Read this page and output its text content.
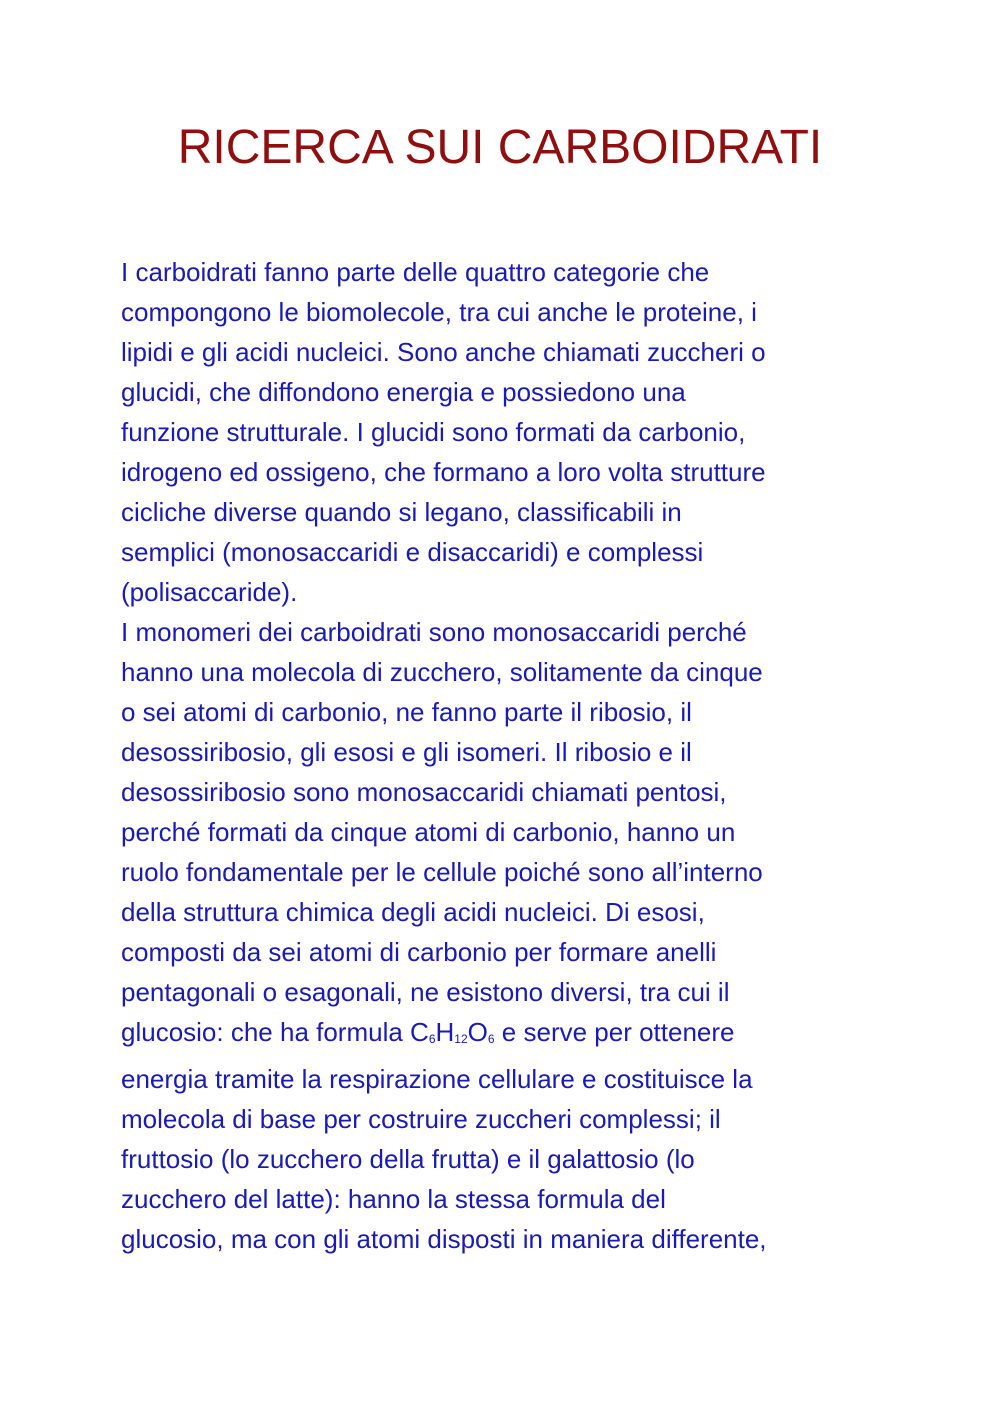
RICERCA SUI CARBOIDRATI
I carboidrati fanno parte delle quattro categorie che
compongono le biomolecole, tra cui anche le proteine, i
lipidi e gli acidi nucleici. Sono anche chiamati zuccheri o
glucidi, che diffondono energia e possiedono una
funzione strutturale. I glucidi sono formati da carbonio,
idrogeno ed ossigeno, che formano a loro volta strutture
cicliche diverse quando si legano, classificabili in
semplici (monosaccaridi e disaccaridi) e complessi
(polisaccaride).
I monomeri dei carboidrati sono monosaccaridi perché
hanno una molecola di zucchero, solitamente da cinque
o sei atomi di carbonio, ne fanno parte il ribosio, il
desossiribosio, gli esosi e gli isomeri. Il ribosio e il
desossiribosio sono monosaccaridi chiamati pentosi,
perché formati da cinque atomi di carbonio, hanno un
ruolo fondamentale per le cellule poiché sono all’interno
della struttura chimica degli acidi nucleici. Di esosi,
composti da sei atomi di carbonio per formare anelli
pentagonali o esagonali, ne esistono diversi, tra cui il
glucosio: che ha formula C6H12O6 e serve per ottenere
energia tramite la respirazione cellulare e costituisce la
molecola di base per costruire zuccheri complessi; il
fruttosio (lo zucchero della frutta) e il galattosio (lo
zucchero del latte): hanno la stessa formula del
glucosio, ma con gli atomi disposti in maniera differente,
